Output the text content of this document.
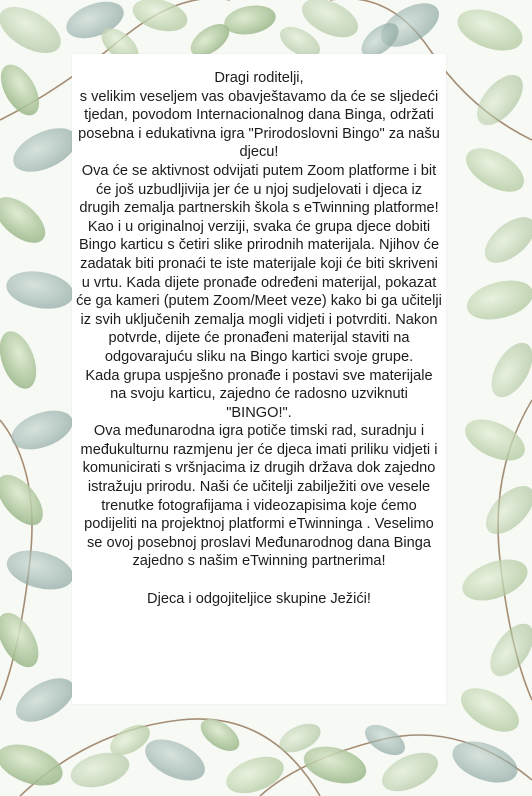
Dragi roditelji,

s velikim veseljem vas obavještavamo da će se sljedeći tjedan, povodom Internacionalnog dana Binga, održati posebna i edukativna igra "Prirodoslovni Bingo" za našu djecu!

Ova će se aktivnost odvijati putem Zoom platforme i bit će još uzbudljivija jer će u njoj sudjelovati i djeca iz drugih zemalja partnerskih škola s eTwinning platforme!

Kao i u originalnoj verziji, svaka će grupa djece dobiti Bingo karticu s četiri slike prirodnih materijala. Njihov će zadatak biti pronaći te iste materijale koji će biti skriveni u vrtu. Kada dijete pronađe određeni materijal, pokazat će ga kameri (putem Zoom/Meet veze) kako bi ga učitelji iz svih uključenih zemalja mogli vidjeti i potvrditi. Nakon potvrde, dijete će pronađeni materijal staviti na odgovarajuću sliku na Bingo kartici svoje grupe.

Kada grupa uspješno pronađe i postavi sve materijale na svoju karticu, zajedno će radosno uzviknuti "BINGO!".

Ova međunarodna igra potiče timski rad, suradnju i međukulturnu razmjenu jer će djeca imati priliku vidjeti i komunicirati s vršnjacima iz drugih država dok zajedno istražuju prirodu. Naši će učitelji zabilježiti ove vesele trenutke fotografijama i videozapisima koje ćemo podijeliti na projektnoj platformi eTwinninga . Veselimo se ovoj posebnoj proslavi Međunarodnog dana Binga zajedno s našim eTwinning partnerima!

Djeca i odgojiteljice skupine Ježići!
